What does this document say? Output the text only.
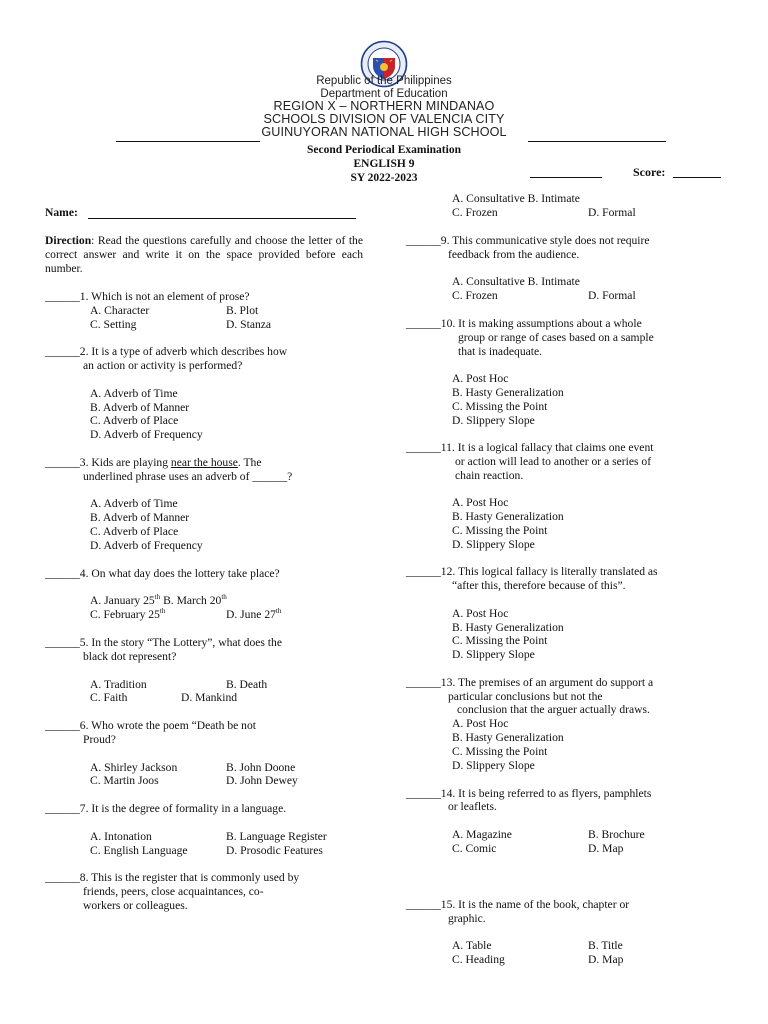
Republic of the Philippines
Department of Education
REGION X – NORTHERN MINDANAO
SCHOOLS DIVISION OF VALENCIA CITY
GUINUYORAN NATIONAL HIGH SCHOOL
Second Periodical Examination
ENGLISH 9
SY 2022-2023	Score:
Name:
Direction: Read the questions carefully and choose the letter of the correct answer and write it on the space provided before each number.
______1. Which is not an element of prose?
A. Character	B. Plot
C. Setting	D. Stanza
______2. It is a type of adverb which describes how
an action or activity is performed?
A. Adverb of Time
B. Adverb of Manner
C. Adverb of Place
D. Adverb of Frequency
______3. Kids are playing near the house. The
underlined phrase uses an adverb of ______?
A. Adverb of Time
B. Adverb of Manner
C. Adverb of Place
D. Adverb of Frequency
______4. On what day does the lottery take place?
A. January 25th B. March 20th
C. February 25th	D. June 27th
______5. In the story “The Lottery”, what does the
black dot represent?
A. Tradition	B. Death
C. Faith	D. Mankind
______6. Who wrote the poem “Death be not
Proud?
A. Shirley Jackson	B. John Doone
C. Martin Joos	D. John Dewey
______7. It is the degree of formality in a language.
A. Intonation	B. Language Register
C. English Language	D. Prosodic Features
______8. This is the register that is commonly used by
friends, peers, close acquaintances, co-
workers or colleagues.
A. Consultative B. Intimate
C. Frozen	D. Formal
______9. This communicative style does not require
feedback from the audience.
A. Consultative B. Intimate
C. Frozen	D. Formal
______10. It is making assumptions about a whole
group or range of cases based on a sample
that is inadequate.
A. Post Hoc
B. Hasty Generalization
C. Missing the Point
D. Slippery Slope
______11. It is a logical fallacy that claims one event
or action will lead to another or a series of
chain reaction.
A. Post Hoc
B. Hasty Generalization
C. Missing the Point
D. Slippery Slope
______12. This logical fallacy is literally translated as
“after this, therefore because of this”.
A. Post Hoc
B. Hasty Generalization
C. Missing the Point
D. Slippery Slope
______13. The premises of an argument do support a
particular conclusions but not the
conclusion that the arguer actually draws.
A. Post Hoc
B. Hasty Generalization
C. Missing the Point
D. Slippery Slope
______14. It is being referred to as flyers, pamphlets
or leaflets.
A. Magazine	B. Brochure
C. Comic	D. Map
______15. It is the name of the book, chapter or
graphic.
A. Table	B. Title
C. Heading	D. Map
